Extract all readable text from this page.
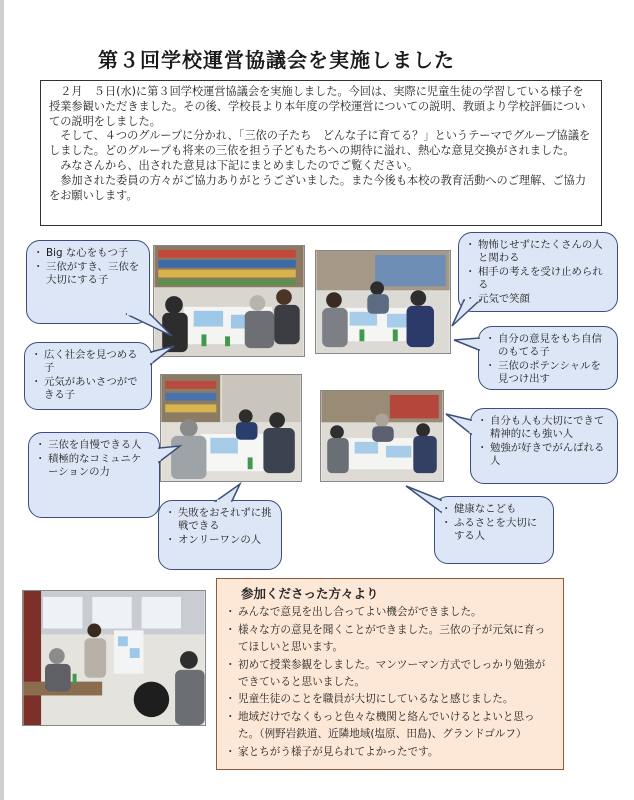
第３回学校運営協議会を実施しました

　２月　５日(水)に第３回学校運営協議会を実施しました。今回は、実際に児童生徒の学習している様子を授業参観いただきました。その後、学校長より本年度の学校運営についての説明、教頭より学校評価についての説明をしました。

　そして、４つのグループに分かれ、「三依の子たち　どんな子に育てる？」というテーマでグループ協議をしました。どのグループも将来の三依を担う子どもたちへの期待に溢れ、熱心な意見交換がされました。

　みなさんから、出された意見は下記にまとめましたのでご覧ください。

　参加された委員の方々がご協力ありがとうございました。また今後も本校の教育活動へのご理解、ご協力をお願いします。

・ Big な心をもつ子
・ 三依がすき、三依を大切にする子
・ 物怖じせずにたくさんの人と関わる
・ 相手の考えを受け止められる
・ 元気で笑顔
・ 広く社会を見つめる子
・ 元気があいさつができる子
・ 自分の意見をもち自信のもてる子
・ 三依のポテンシャルを見つけ出す
・ 三依を自慢できる人
・ 積極的なコミュニケーションの力
・ 自分も人も大切にできて精神的にも強い人
・ 勉強が好きでがんばれる人
・ 失敗をおそれずに挑戦できる
・ オンリーワンの人
・ 健康なこども
・ ふるさとを大切にする人
参加くださった方々より
・ みんなで意見を出し合ってよい機会ができました。
・ 様々な方の意見を聞くことができました。三依の子が元気に育ってほしいと思います。
・ 初めて授業参観をしました。マンツーマン方式でしっかり勉強ができていると思いました。
・ 児童生徒のことを職員が大切にしているなと感じました。
・ 地域だけでなくもっと色々な機関と絡んでいけるとよいと思った。（例野岩鉄道、近隣地域(塩原、田島)、グランドゴルフ）
・ 家とちがう様子が見られてよかったです。
